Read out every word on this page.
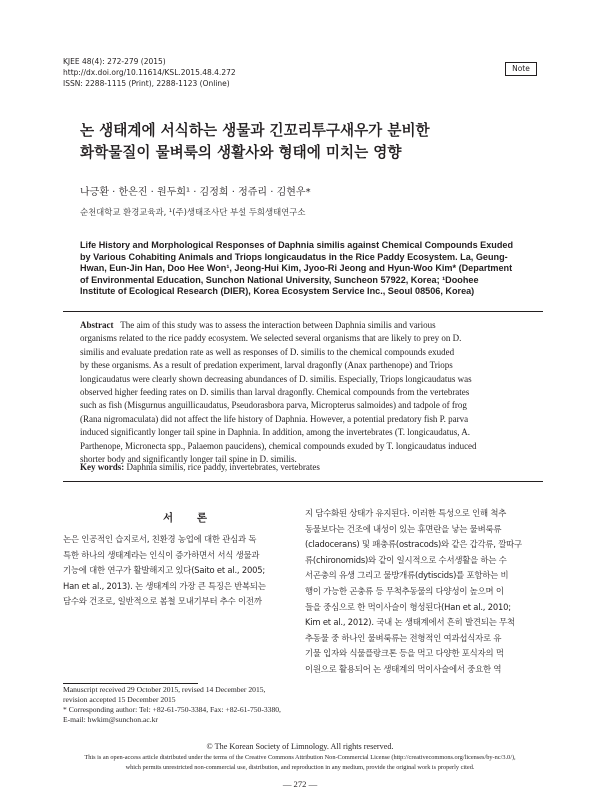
KJEE 48(4): 272-279 (2015)
http://dx.doi.org/10.11614/KSL.2015.48.4.272
ISSN: 2288-1115 (Print), 2288-1123 (Online)
Note
논 생태계에 서식하는 생물과 긴꼬리투구새우가 분비한
화학물질이 물벼룩의 생활사와 형태에 미치는 영향
나긍환 · 한은진 · 원두희¹ · 김정희 · 정쥬리 · 김현우*
순천대학교 환경교육과, ¹(주)생태조사단 부설 두희생태연구소
Life History and Morphological Responses of Daphnia similis against Chemical Compounds Exuded
by Various Cohabiting Animals and Triops longicaudatus in the Rice Paddy Ecosystem. La, Geung-
Hwan, Eun-Jin Han, Doo Hee Won¹, Jeong-Hui Kim, Jyoo-Ri Jeong and Hyun-Woo Kim* (Department
of Environmental Education, Sunchon National University, Suncheon 57922, Korea; ¹Doohee
Institute of Ecological Research (DIER), Korea Ecosystem Service Inc., Seoul 08506, Korea)
Abstract The aim of this study was to assess the interaction between Daphnia similis and various
organisms related to the rice paddy ecosystem. We selected several organisms that are likely to prey on D.
similis and evaluate predation rate as well as responses of D. similis to the chemical compounds exuded
by these organisms. As a result of predation experiment, larval dragonfly (Anax parthenope) and Triops
longicaudatus were clearly shown decreasing abundances of D. similis. Especially, Triops longicaudatus was
observed higher feeding rates on D. similis than larval dragonfly. Chemical compounds from the vertebrates
such as fish (Misgurnus anguillicaudatus, Pseudorasbora parva, Micropterus salmoides) and tadpole of frog
(Rana nigromaculata) did not affect the life history of Daphnia. However, a potential predatory fish P. parva
induced significantly longer tail spine in Daphnia. In addition, among the invertebrates (T. longicaudatus, A.
Parthenope, Micronecta spp., Palaemon paucidens), chemical compounds exuded by T. longicaudatus induced
shorter body and significantly longer tail spine in D. similis.
Key words: Daphnia similis, rice paddy, invertebrates, vertebrates
서 론
논은 인공적인 습지로서, 친환경 농업에 대한 관심과 독
특한 하나의 생태계라는 인식이 증가하면서 서식 생물과
기능에 대한 연구가 활발해지고 있다(Saito et al., 2005;
Han et al., 2013). 논 생태계의 가장 큰 특징은 반복되는
담수와 건조로, 일반적으로 봄철 모내기부터 추수 이전까
지 담수화된 상태가 유지된다. 이러한 특성으로 인해 척추
동물보다는 건조에 내성이 있는 휴면란을 낳는 물벼룩류
(cladocerans) 및 패충류(ostracods)와 같은 갑각류, 깔따구
류(chironomids)와 같이 일시적으로 수서생활을 하는 수
서곤충의 유생 그리고 물방개류(dytiscids)를 포함하는 비
행이 가능한 곤충류 등 무척추동물의 다양성이 높으며 이
들을 중심으로 한 먹이사슬이 형성된다(Han et al., 2010;
Kim et al., 2012). 국내 논 생태계에서 흔히 발견되는 무척
추동물 중 하나인 물벼룩류는 전형적인 여과섭식자로 유
기물 입자와 식물플랑크톤 등을 먹고 다양한 포식자의 먹
이원으로 활용되어 논 생태계의 먹이사슬에서 중요한 역
Manuscript received 29 October 2015, revised 14 December 2015,
revision accepted 15 December 2015
* Corresponding author: Tel: +82-61-750-3384, Fax: +82-61-750-3380,
E-mail: hwkim@sunchon.ac.kr
© The Korean Society of Limnology. All rights reserved.
This is an open-access article distributed under the terms of the Creative Commons Attribution Non-Commercial License (http://creativecommons.org/licenses/by-nc/3.0/),
which permits unrestricted non-commercial use, distribution, and reproduction in any medium, provide the original work is properly cited.
— 272 —
